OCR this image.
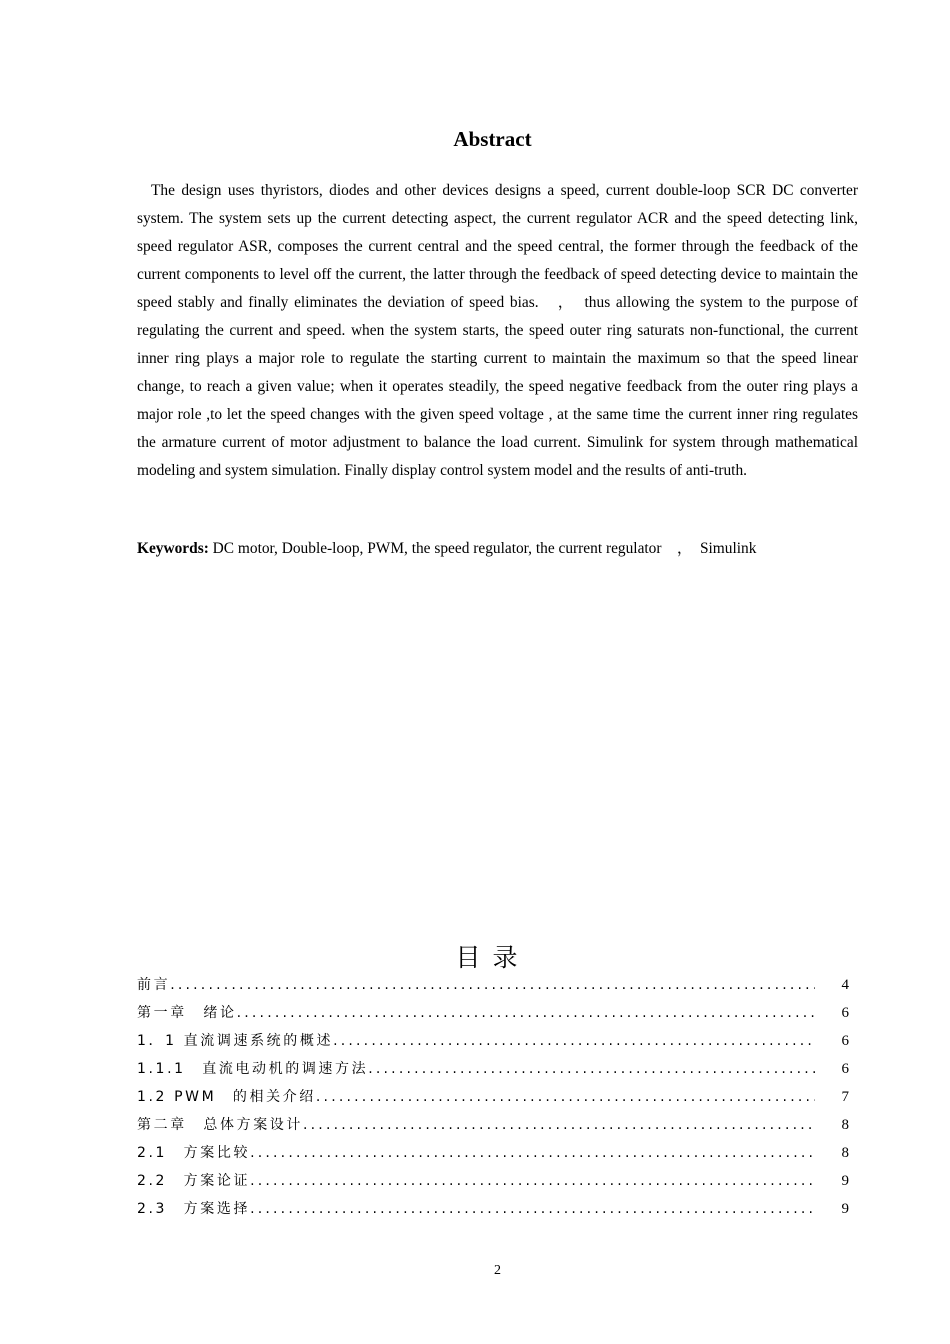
Abstract

The design uses thyristors, diodes and other devices designs a speed, current double-loop SCR DC converter system. The system sets up the current detecting aspect, the current regulator ACR and the speed detecting link, speed regulator ASR, composes the current central and the speed central, the former through the feedback of the current components to level off the current, the latter through the feedback of speed detecting device to maintain the speed stably and finally eliminates the deviation of speed bias.　，　thus allowing the system to the purpose of regulating the current and speed. when the system starts, the speed outer ring saturats non-functional, the current inner ring plays a major role to regulate the starting current to maintain the maximum so that the speed linear change, to reach a given value; when it operates steadily, the speed negative feedback from the outer ring plays a major role ,to let the speed changes with the given speed voltage , at the same time the current inner ring regulates the armature current of motor adjustment to balance the load current. Simulink for system through mathematical modeling and system simulation. Finally display control system model and the results of anti-truth.

Keywords: DC motor, Double-loop, PWM, the speed regulator, the current regulator　，　Simulink

目录
前言 .....	4
第一章　绪论 .....	6
1．1 直流调速系统的概述 .....	6
1.1.1　直流电动机的调速方法 .....	6
1.2 PWM　的相关介绍 .....	7
第二章　总体方案设计 .....	8
2.1　方案比较 .....	8
2.2　方案论证 .....	9
2.3　方案选择 .....	9
2
